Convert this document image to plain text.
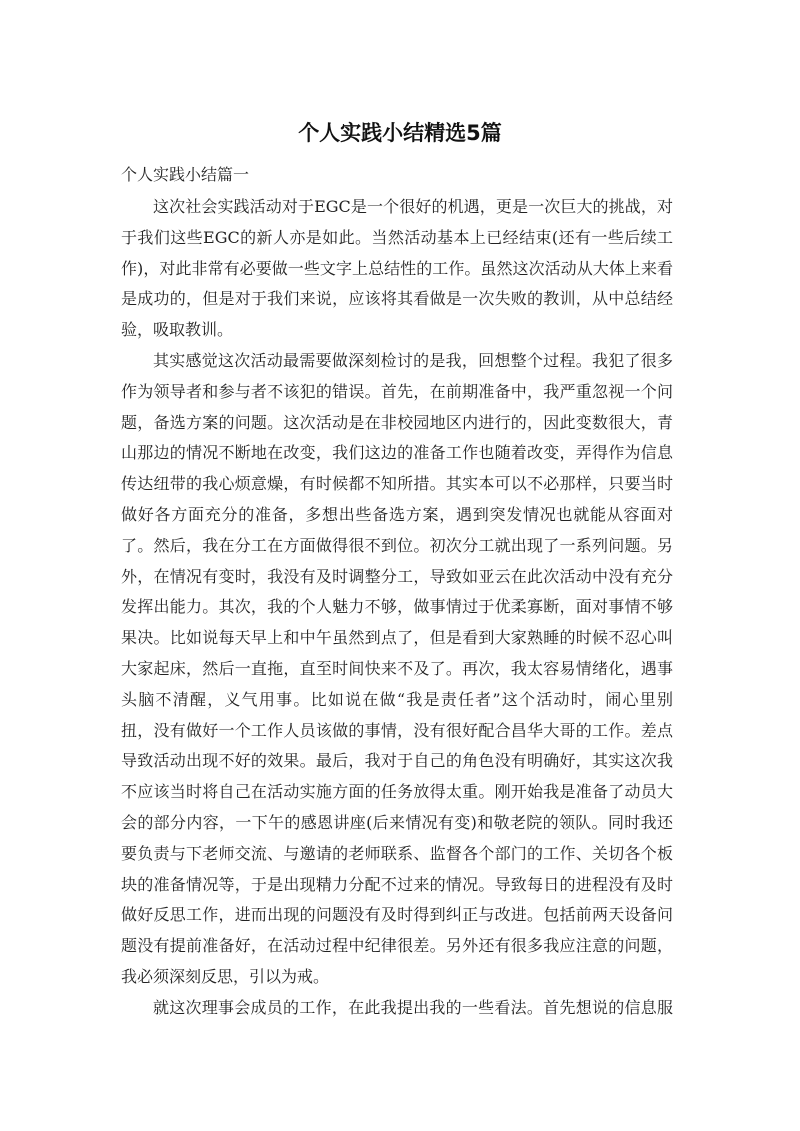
个人实践小结精选5篇
个人实践小结篇一
这次社会实践活动对于EGC是一个很好的机遇，更是一次巨大的挑战，对
于我们这些EGC的新人亦是如此。当然活动基本上已经结束(还有一些后续工
作)，对此非常有必要做一些文字上总结性的工作。虽然这次活动从大体上来看
是成功的，但是对于我们来说，应该将其看做是一次失败的教训，从中总结经
验，吸取教训。
其实感觉这次活动最需要做深刻检讨的是我，回想整个过程。我犯了很多
作为领导者和参与者不该犯的错误。首先，在前期准备中，我严重忽视一个问
题，备选方案的问题。这次活动是在非校园地区内进行的，因此变数很大，青
山那边的情况不断地在改变，我们这边的准备工作也随着改变，弄得作为信息
传达纽带的我心烦意燥，有时候都不知所措。其实本可以不必那样，只要当时
做好各方面充分的准备，多想出些备选方案，遇到突发情况也就能从容面对
了。然后，我在分工在方面做得很不到位。初次分工就出现了一系列问题。另
外，在情况有变时，我没有及时调整分工，导致如亚云在此次活动中没有充分
发挥出能力。其次，我的个人魅力不够，做事情过于优柔寡断，面对事情不够
果决。比如说每天早上和中午虽然到点了，但是看到大家熟睡的时候不忍心叫
大家起床，然后一直拖，直至时间快来不及了。再次，我太容易情绪化，遇事
头脑不清醒，义气用事。比如说在做“我是责任者”这个活动时，闹心里别
扭，没有做好一个工作人员该做的事情，没有很好配合昌华大哥的工作。差点
导致活动出现不好的效果。最后，我对于自己的角色没有明确好，其实这次我
不应该当时将自己在活动实施方面的任务放得太重。刚开始我是准备了动员大
会的部分内容，一下午的感恩讲座(后来情况有变)和敬老院的领队。同时我还
要负责与下老师交流、与邀请的老师联系、监督各个部门的工作、关切各个板
块的准备情况等，于是出现精力分配不过来的情况。导致每日的进程没有及时
做好反思工作，进而出现的问题没有及时得到纠正与改进。包括前两天设备问
题没有提前准备好，在活动过程中纪律很差。另外还有很多我应注意的问题，
我必须深刻反思，引以为戒。
就这次理事会成员的工作，在此我提出我的一些看法。首先想说的信息服
